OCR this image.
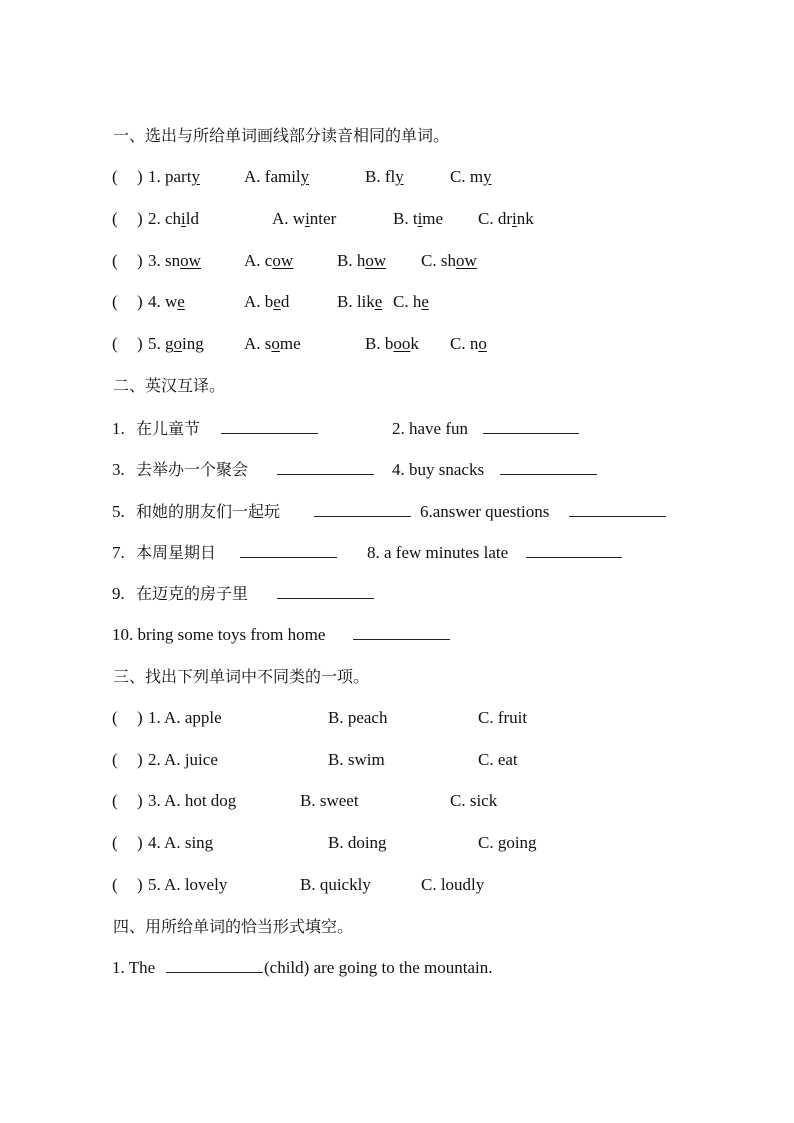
一、选出与所给单词画线部分读音相同的单词。
( ) 1. party	A. family	B. fly	C. my
( ) 2. child	A. winter	B. time C. drink
( ) 3. snow	A. cow	B. how C. show
( ) 4. we	A. bed	B. like C. he
( ) 5. going A. some	B. book C. no
二、英汉互译。
1. 在儿童节	2. have fun
3. 去举办一个聚会	4. buy snacks
5. 和她的朋友们一起玩	6.answer questions
7. 本周星期日	8. a few minutes late
9. 在迈克的房子里
10. bring some toys from home
三、找出下列单词中不同类的一项。
( ) 1. A. apple	B. peach	C. fruit
( ) 2. A. juice	B. swim	C. eat
( ) 3. A. hot dog	B. sweet	C. sick
( ) 4. A. sing	B. doing	C. going
( ) 5. A. lovely	B. quickly	C. loudly
四、用所给单词的恰当形式填空。
1. The	(child) are going to the mountain.
